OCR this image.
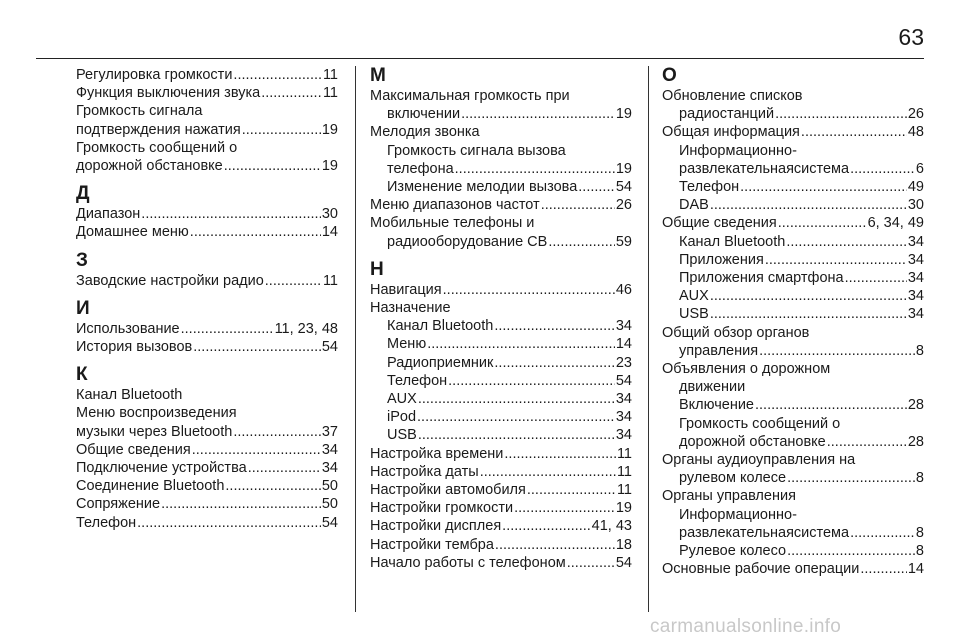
63
Регулировка громкости .....	11
Функция выключения звука .....	11
Громкость сигнала
подтверждения нажатия .....	19
Громкость сообщений о
дорожной обстановке .....	19
Д
Диапазон .....	30
Домашнее меню .....	14
З
Заводские настройки радио .....	11
И
Использование .....	11, 23, 48
История вызовов .....	54
К
Канал Bluetooth
Меню воспроизведения
музыки через Bluetooth .....	37
Общие сведения .....	34
Подключение устройства .....	34
Соединение Bluetooth .....	50
Сопряжение .....	50
Телефон .....	54
М
Максимальная громкость при
включении .....	19
Мелодия звонка
Громкость сигнала вызова
телефона .....	19
Изменение мелодии вызова .....	54
Меню диапазонов частот .....	26
Мобильные телефоны и
радиооборудование CB .....	59
Н
Навигация .....	46
Назначение
Канал Bluetooth .....	34
Меню .....	14
Радиоприемник .....	23
Телефон .....	54
AUX .....	34
iPod .....	34
USB .....	34
Настройка времени .....	11
Настройка даты .....	11
Настройки автомобиля .....	11
Настройки громкости .....	19
Настройки дисплея .....	41, 43
Настройки тембра .....	18
Начало работы с телефоном .....	54
О
Обновление списков
радиостанций .....	26
Общая информация .....	48
Информационно-
развлекательнаясистема .....	6
Телефон .....	49
DAB .....	30
Общие сведения .....	6, 34, 49
Канал Bluetooth .....	34
Приложения .....	34
Приложения смартфона .....	34
AUX .....	34
USB .....	34
Общий обзор органов
управления .....	8
Объявления о дорожном
движении
Включение .....	28
Громкость сообщений о
дорожной обстановке .....	28
Органы аудиоуправления на
рулевом колесе .....	8
Органы управления
Информационно-
развлекательнаясистема .....	8
Рулевое колесо .....	8
Основные рабочие операции .....	14
carmanualsonline.info
